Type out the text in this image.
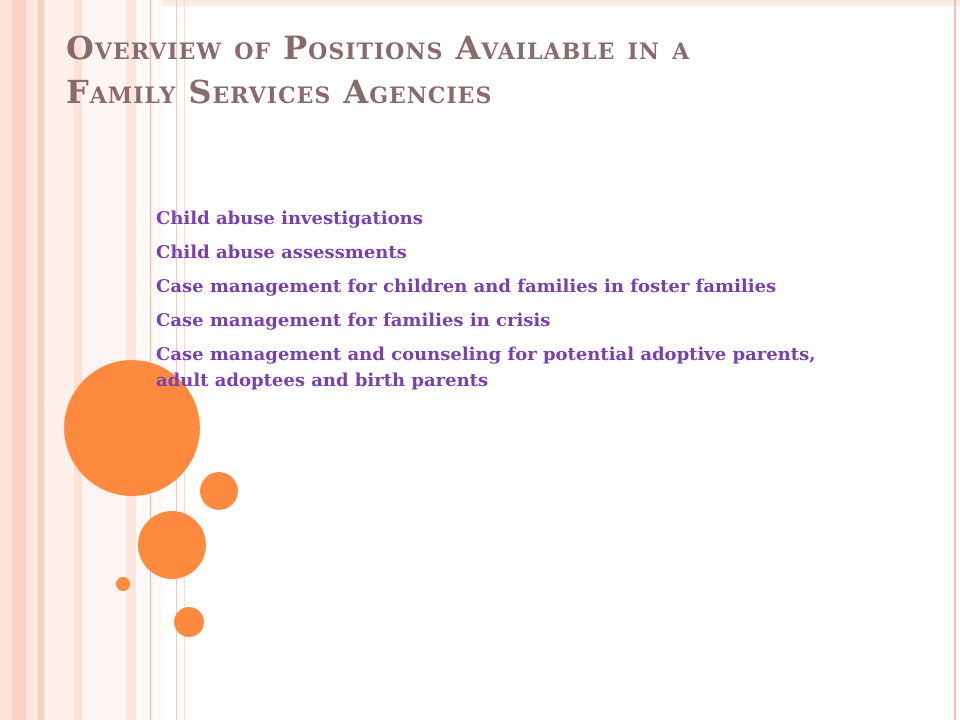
Overview of Positions Available in a
Family Services Agencies
Child abuse investigations
Child abuse assessments
Case management for children and families in foster families
Case management for families in crisis
Case management and counseling for potential adoptive parents, adult adoptees and birth parents
